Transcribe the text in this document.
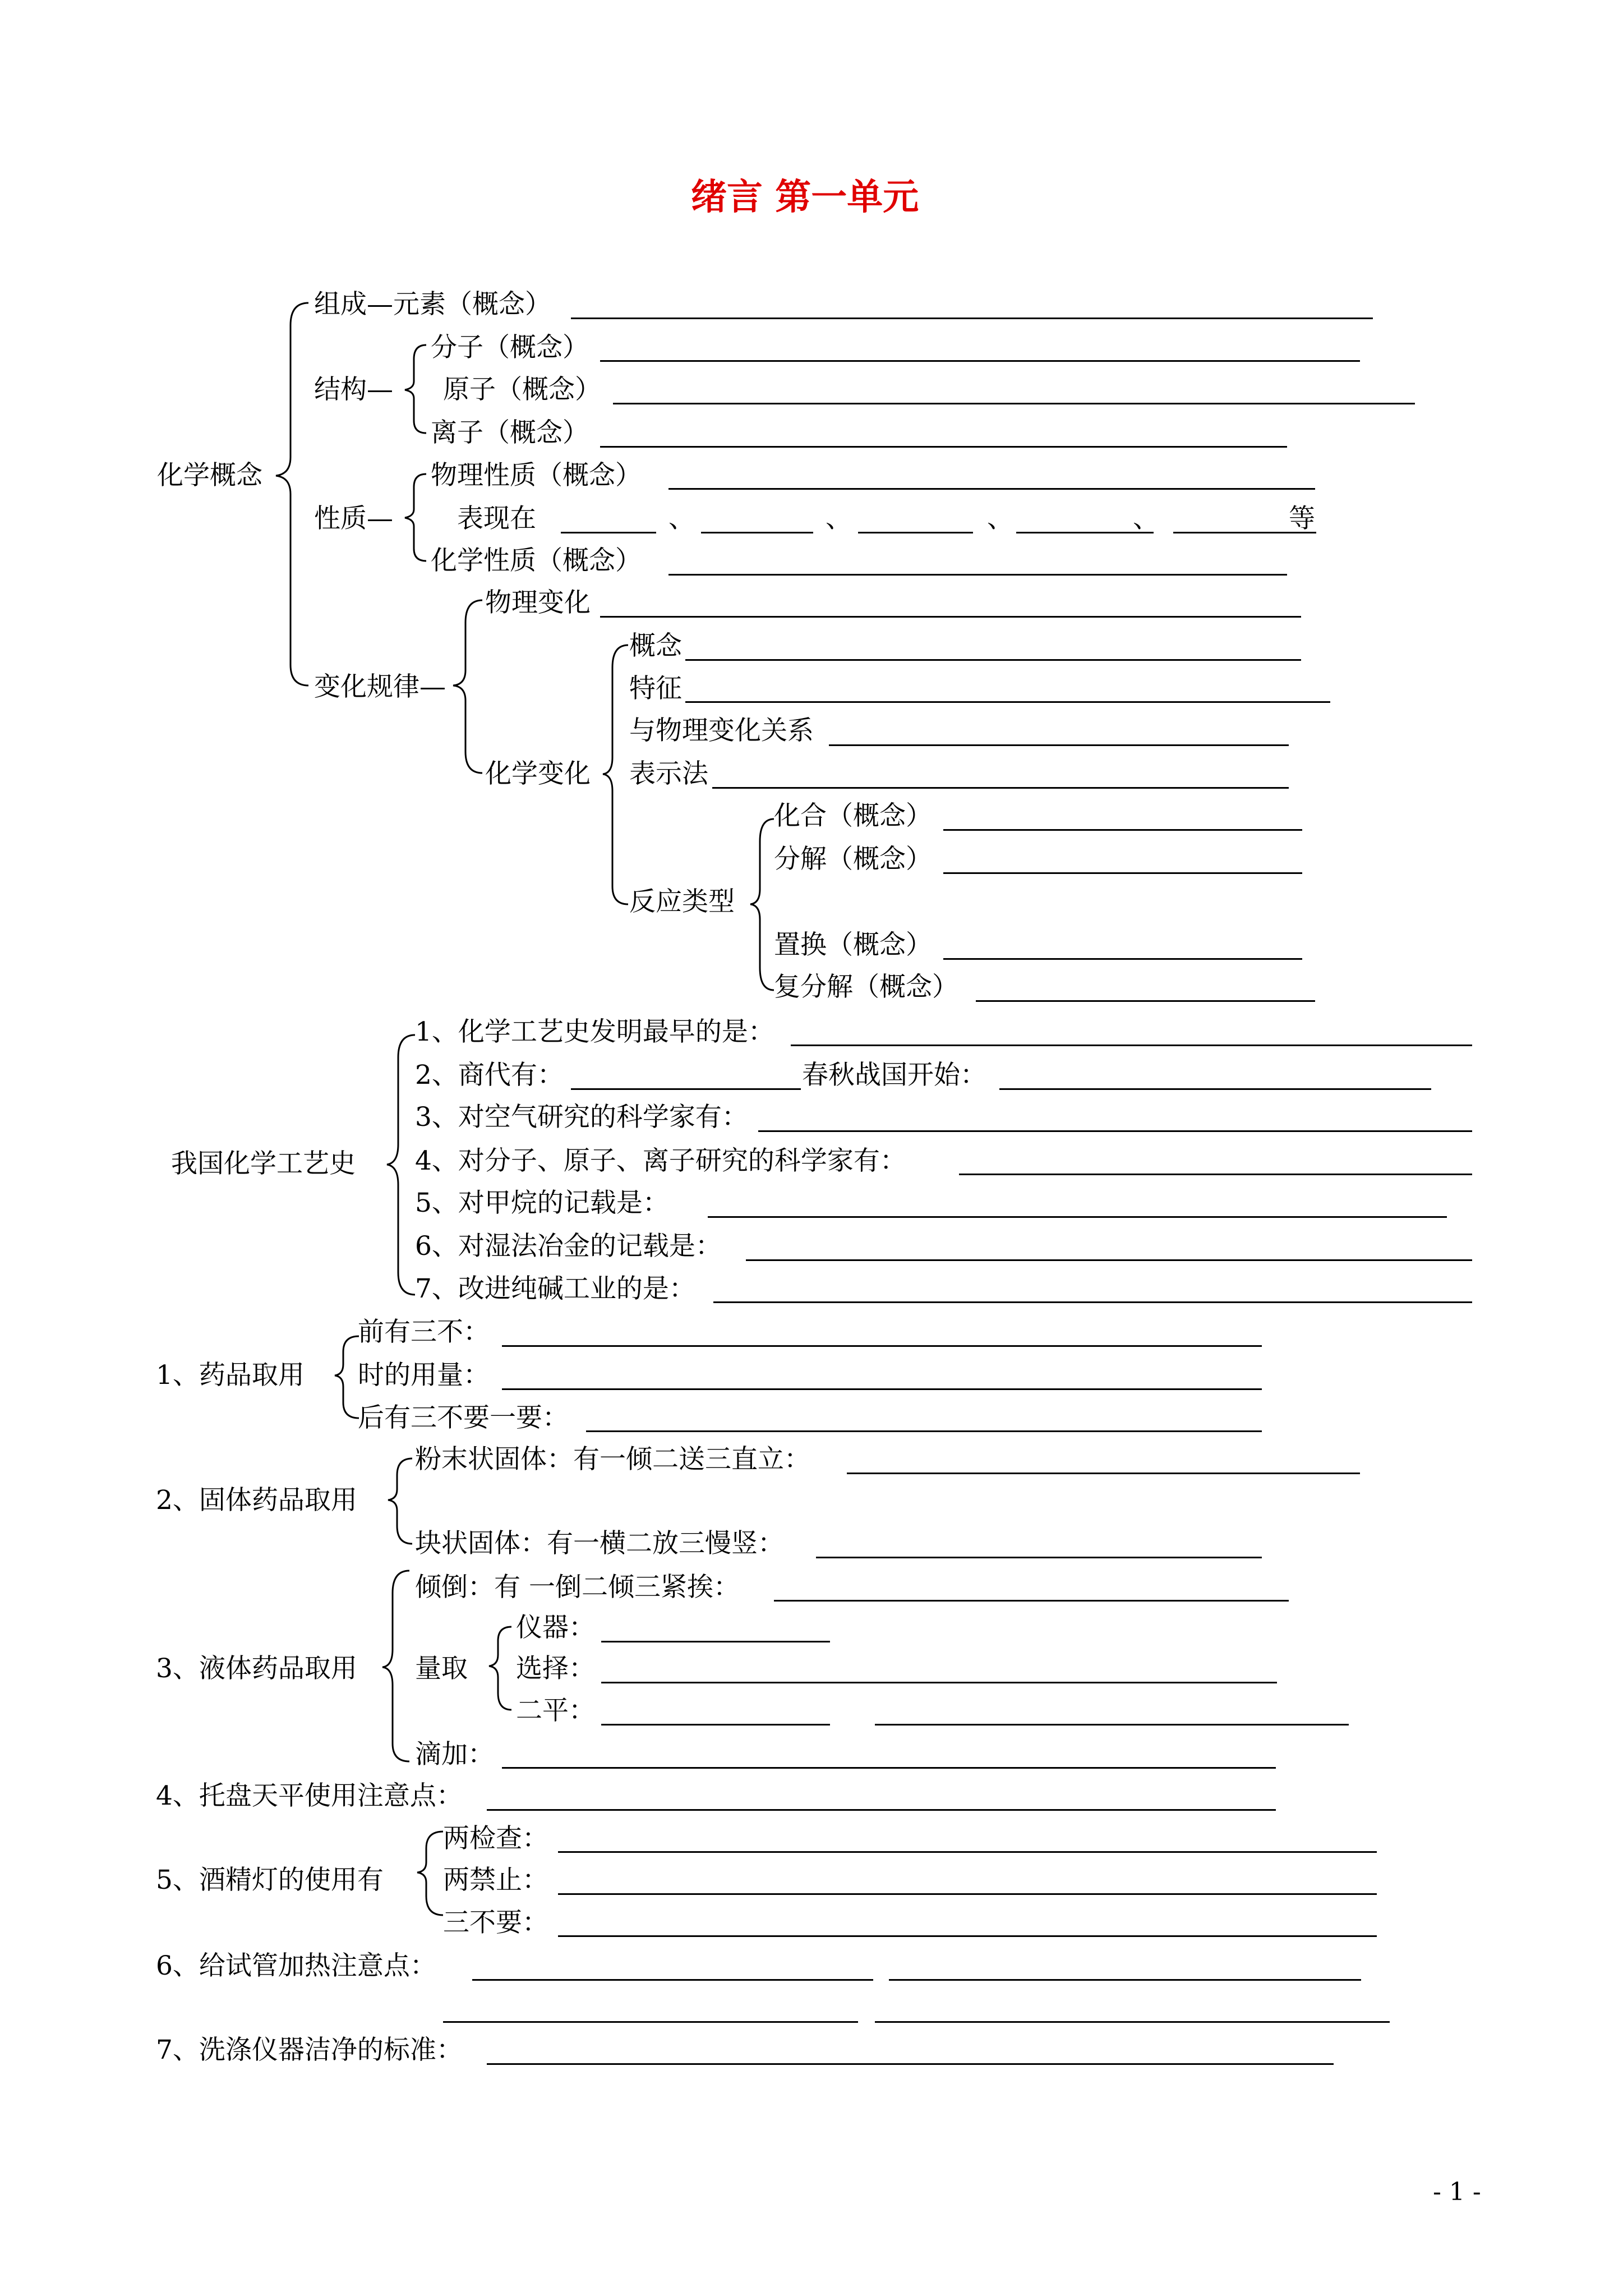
绪言 第一单元
化学概念
组成—元素（概念）
结构—
分子（概念）
原子（概念）
离子（概念）
性质—
物理性质（概念）
表现在	、	、	、	、	等
化学性质（概念）
变化规律—
物理变化
化学变化
概念
特征
与物理变化关系
表示法
反应类型
化合（概念）
分解（概念）
置换（概念）
复分解（概念）
我国化学工艺史
1、化学工艺史发明最早的是：
2、商代有：	春秋战国开始：
3、对空气研究的科学家有：
4、对分子、原子、离子研究的科学家有：
5、对甲烷的记载是：
6、对湿法冶金的记载是：
7、改进纯碱工业的是：
1、药品取用
前有三不：
时的用量：
后有三不要一要：
2、固体药品取用
粉末状固体：有一倾二送三直立：
块状固体：有一横二放三慢竖：
3、液体药品取用
倾倒：有 一倒二倾三紧挨：
量取
仪器：
选择：
二平：
滴加：
4、托盘天平使用注意点：
5、酒精灯的使用有
两检查：
两禁止：
三不要：
6、给试管加热注意点：
7、洗涤仪器洁净的标准：
- 1 -
